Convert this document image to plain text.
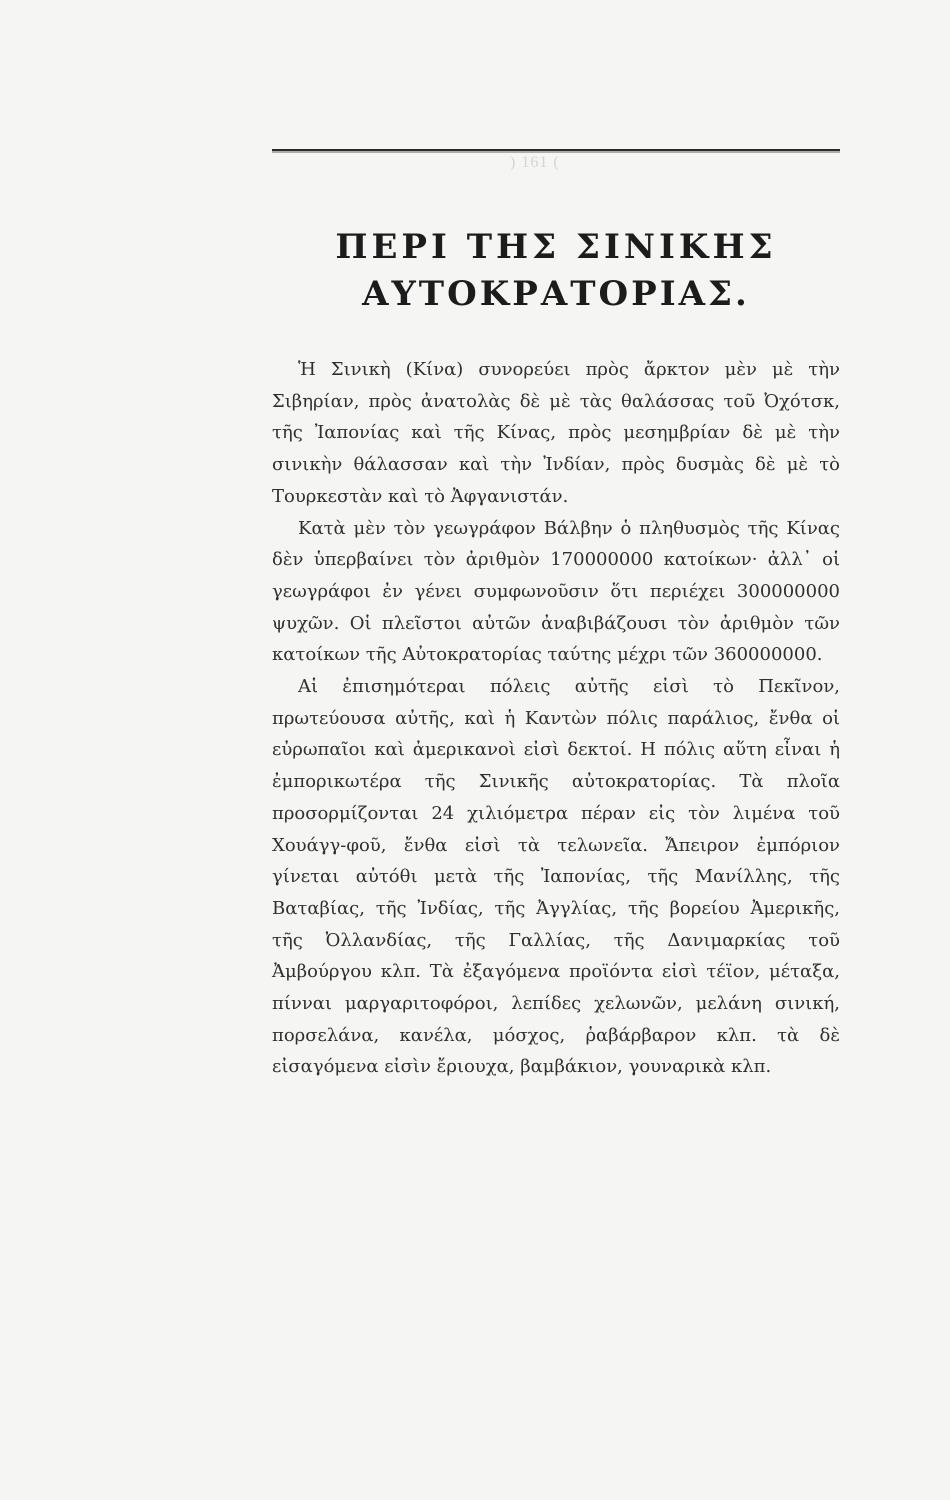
) 161 (
ΠΕΡΙ ΤΗΣ ΣΙΝΙΚΗΣ
ΑΥΤΟΚΡΑΤΟΡΙΑΣ.

Ἡ Σινικὴ (Κίνα) συνορεύει πρὸς ἄρκτον μὲν μὲ τὴν Σιβηρίαν, πρὸς ἀνατολὰς δὲ μὲ τὰς θαλάσσας τοῦ Ὀχότσκ, τῆς Ἰαπονίας καὶ τῆς Κίνας, πρὸς μεσημβρίαν δὲ μὲ τὴν σινικὴν θάλασσαν καὶ τὴν Ἰνδίαν, πρὸς δυσμὰς δὲ μὲ τὸ Τουρκεστὰν καὶ τὸ Ἀφγανιστάν.

Κατὰ μὲν τὸν γεωγράφον Βάλβην ὁ πληθυσμὸς τῆς Κίνας δὲν ὑπερβαίνει τὸν ἀριθμὸν 170000000 κατοίκων· ἀλλ᾽ οἱ γεωγράφοι ἐν γένει συμφωνοῦσιν ὅτι περιέχει 300000000 ψυχῶν. Οἱ πλεῖστοι αὐτῶν ἀναβιβάζουσι τὸν ἀριθμὸν τῶν κατοίκων τῆς Αὐτοκρατορίας ταύτης μέχρι τῶν 360000000.

Αἱ ἐπισημότεραι πόλεις αὐτῆς εἰσὶ τὸ Πεκῖνον, πρωτεύουσα αὐτῆς, καὶ ἡ Καντὼν πόλις παράλιος, ἔνθα οἱ εὐρωπαῖοι καὶ ἀμερικανοὶ εἰσὶ δεκτοί. Η πόλις αὕτη εἶναι ἡ ἐμπορικωτέρα τῆς Σινικῆς αὐτοκρατορίας. Τὰ πλοῖα προσορμίζονται 24 χιλιόμετρα πέραν εἰς τὸν λιμένα τοῦ Χουάγγ-φοῦ, ἔνθα εἰσὶ τὰ τελωνεῖα. Ἄπειρον ἐμπόριον γίνεται αὐτόθι μετὰ τῆς Ἰαπονίας, τῆς Μανίλλης, τῆς Βαταβίας, τῆς Ἰνδίας, τῆς Ἀγγλίας, τῆς βορείου Ἀμερικῆς, τῆς Ὀλλανδίας, τῆς Γαλλίας, τῆς Δανιμαρκίας τοῦ Ἀμβούργου κλπ. Τὰ ἐξαγόμενα προϊόντα εἰσὶ τέϊον, μέταξα, πίνναι μαργαριτοφόροι, λεπίδες χελωνῶν, μελάνη σινική, πορσελάνα, κανέλα, μόσχος, ῥαβάρβαρον κλπ. τὰ δὲ εἰσαγόμενα εἰσὶν ἔριουχα, βαμβάκιον, γουναρικὰ κλπ.
